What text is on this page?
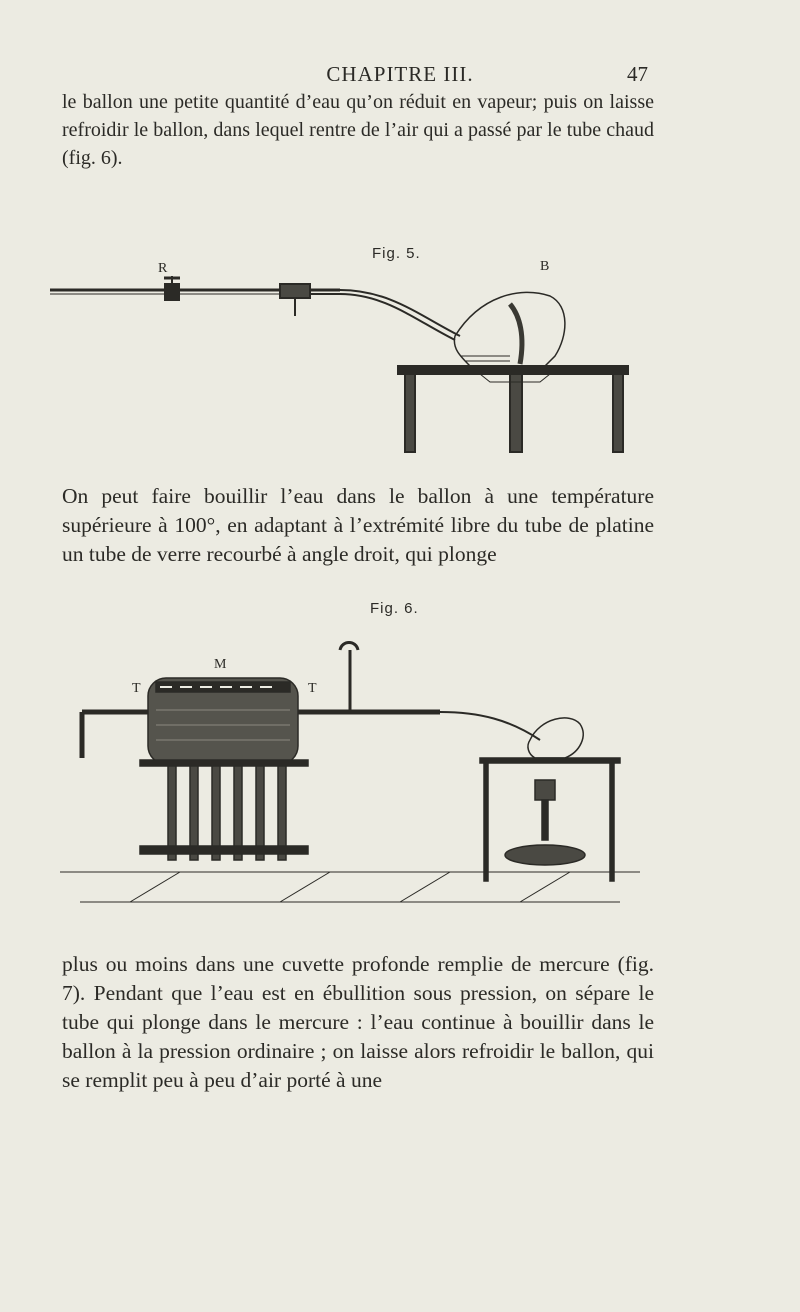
CHAPITRE III.	47

le ballon une petite quantité d’eau qu’on réduit en vapeur; puis on laisse refroidir le ballon, dans lequel rentre de l’air qui a passé par le tube chaud (fig. 6).

Fig. 5.
R	B

On peut faire bouillir l’eau dans le ballon à une température supérieure à 100°, en adaptant à l’extrémité libre du tube de platine un tube de verre recourbé à angle droit, qui plonge

Fig. 6.
M
T	T

plus ou moins dans une cuvette profonde remplie de mercure (fig. 7). Pendant que l’eau est en ébullition sous pression, on sépare le tube qui plonge dans le mercure : l’eau continue à bouillir dans le ballon à la pression ordinaire ; on laisse alors refroidir le ballon, qui se remplit peu à peu d’air porté à une
